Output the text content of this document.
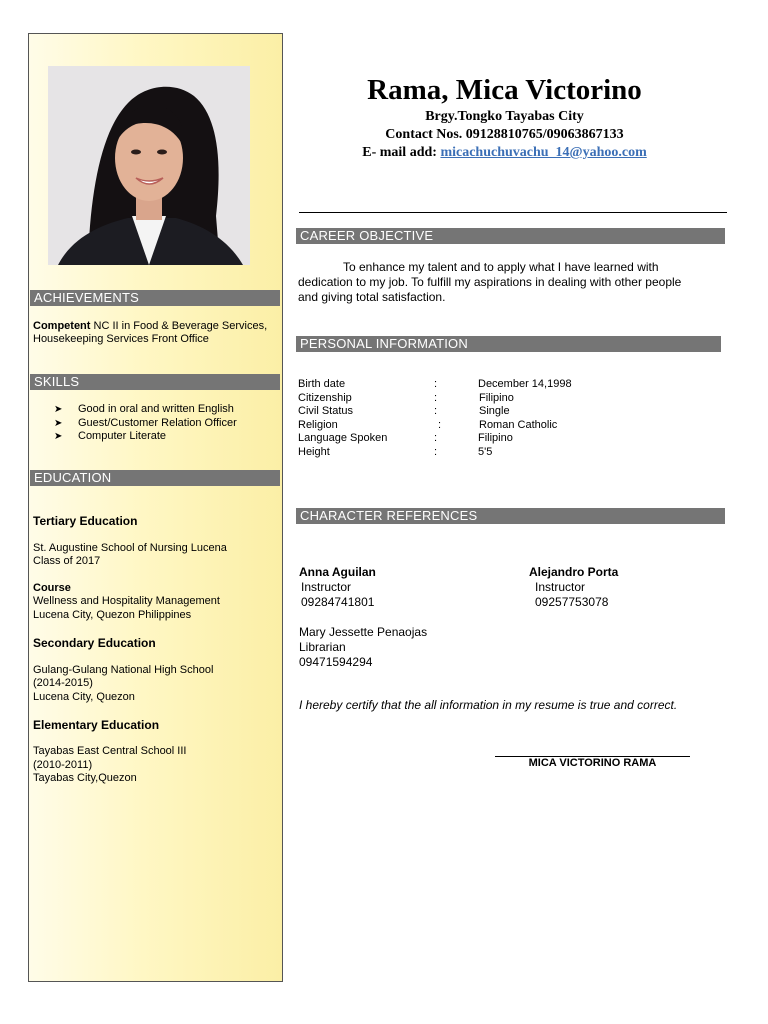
ACHIEVEMENTS
Competent NC II in Food & Beverage Services,
Housekeeping Services Front Office
SKILLS
➤ Good in oral and written English
➤ Guest/Customer Relation Officer
➤ Computer Literate
EDUCATION
Tertiary Education
St. Augustine School of Nursing Lucena
Class of 2017
Course
Wellness and Hospitality Management
Lucena City, Quezon Philippines
Secondary Education
Gulang-Gulang National High School
(2014-2015)
Lucena City, Quezon
Elementary Education
Tayabas East Central School III
(2010-2011)
Tayabas City,Quezon
Rama, Mica Victorino
Brgy.Tongko Tayabas City
Contact Nos. 09128810765/09063867133
E- mail add: micachuchuvachu_14@yahoo.com
CAREER OBJECTIVE
To enhance my talent and to apply what I have learned with
dedication to my job. To fulfill my aspirations in dealing with other people
and giving total satisfaction.
PERSONAL INFORMATION
Birth date	:	December 14,1998
Citizenship	:	Filipino
Civil Status	:	Single
Religion	:	Roman Catholic
Language Spoken	:	Filipino
Height	:	5'5
CHARACTER REFERENCES
Anna Aguilan
Instructor
09284741801
Alejandro Porta
Instructor
09257753078
Mary Jessette Penaojas
Librarian
09471594294
I hereby certify that the all information in my resume is true and correct.
MICA VICTORINO RAMA
